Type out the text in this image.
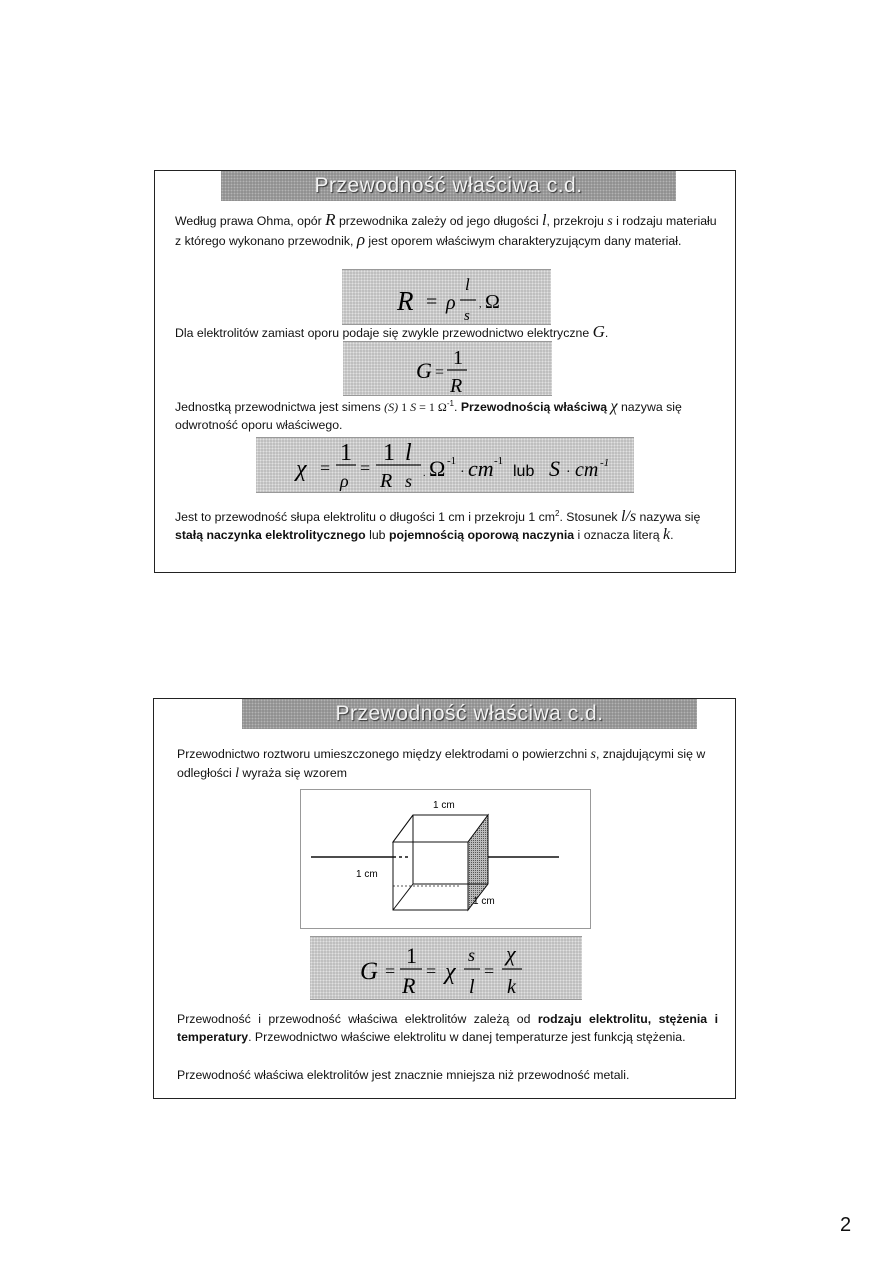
Przewodność właściwa c.d.

Według prawa Ohma, opór R przewodnika zależy od jego długości l, przekroju s i rodzaju materiału z którego wykonano przewodnik, ρ jest oporem właściwym charakteryzującym dany materiał.

R = ρ
l
s
, Ω

Dla elektrolitów zamiast oporu podaje się zwykle przewodnictwo elektryczne G.

G =
1
R

Jednostką przewodnictwa jest simens (S) 1 S = 1 $\Omega^{-1}$. Przewodnością właściwą χ nazywa się odwrotność oporu właściwego.

χ =
1
ρ
=
1 l
R s . Ω -1
· cm -1
lub S · cm -1

Jest to przewodność słupa elektrolitu o długości 1 cm i przekroju 1 $cm^2$. Stosunek l/s nazywa się stałą naczynka elektrolitycznego lub pojemnością oporową naczynia i oznacza literą k.

Przewodność właściwa c.d.

Przewodnictwo roztworu umieszczonego między elektrodami o powierzchni s, znajdującymi się w odległości l wyraża się wzorem

1 cm
1 cm
1 cm
G =
1
R
= χ
s
l
=
χ
k

Przewodność i przewodność właściwa elektrolitów zależą od rodzaju elektrolitu, stężenia i temperatury. Przewodnictwo właściwe elektrolitu w danej temperaturze jest funkcją stężenia.

Przewodność właściwa elektrolitów jest znacznie mniejsza niż przewodność metali.

2
